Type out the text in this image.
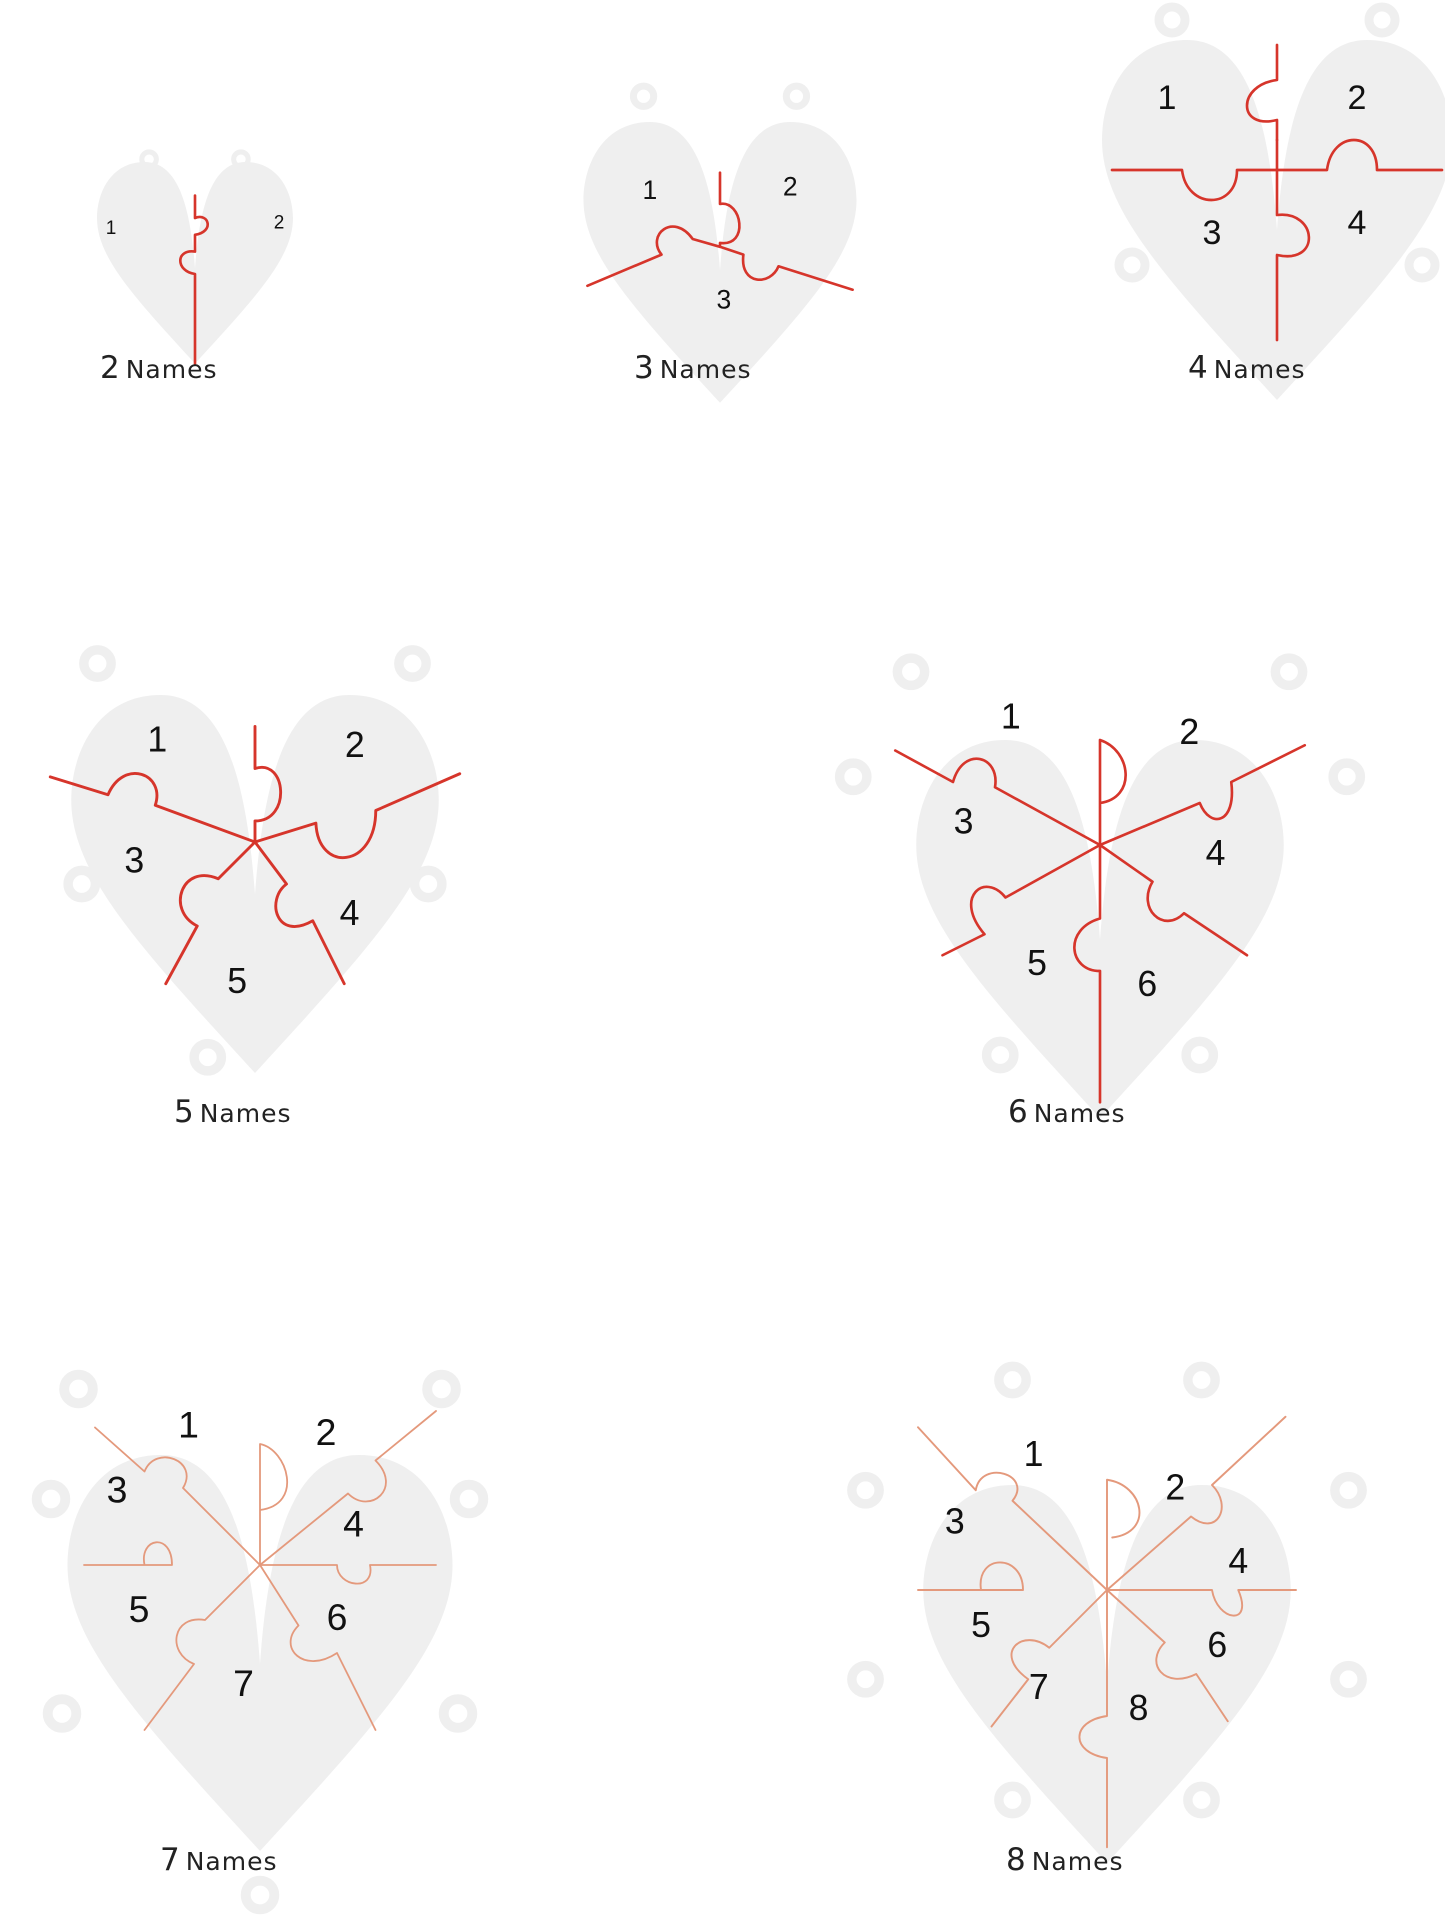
1	2
1	2
3
1	2
3	4
1	2
3
4
5
1	2
3
4
5
6
1	2
3
4
5	6
7
1
2
3
4
5	6
7
8
2 Names	3 Names	4 Names
5 Names	6 Names
7 Names	8 Names
